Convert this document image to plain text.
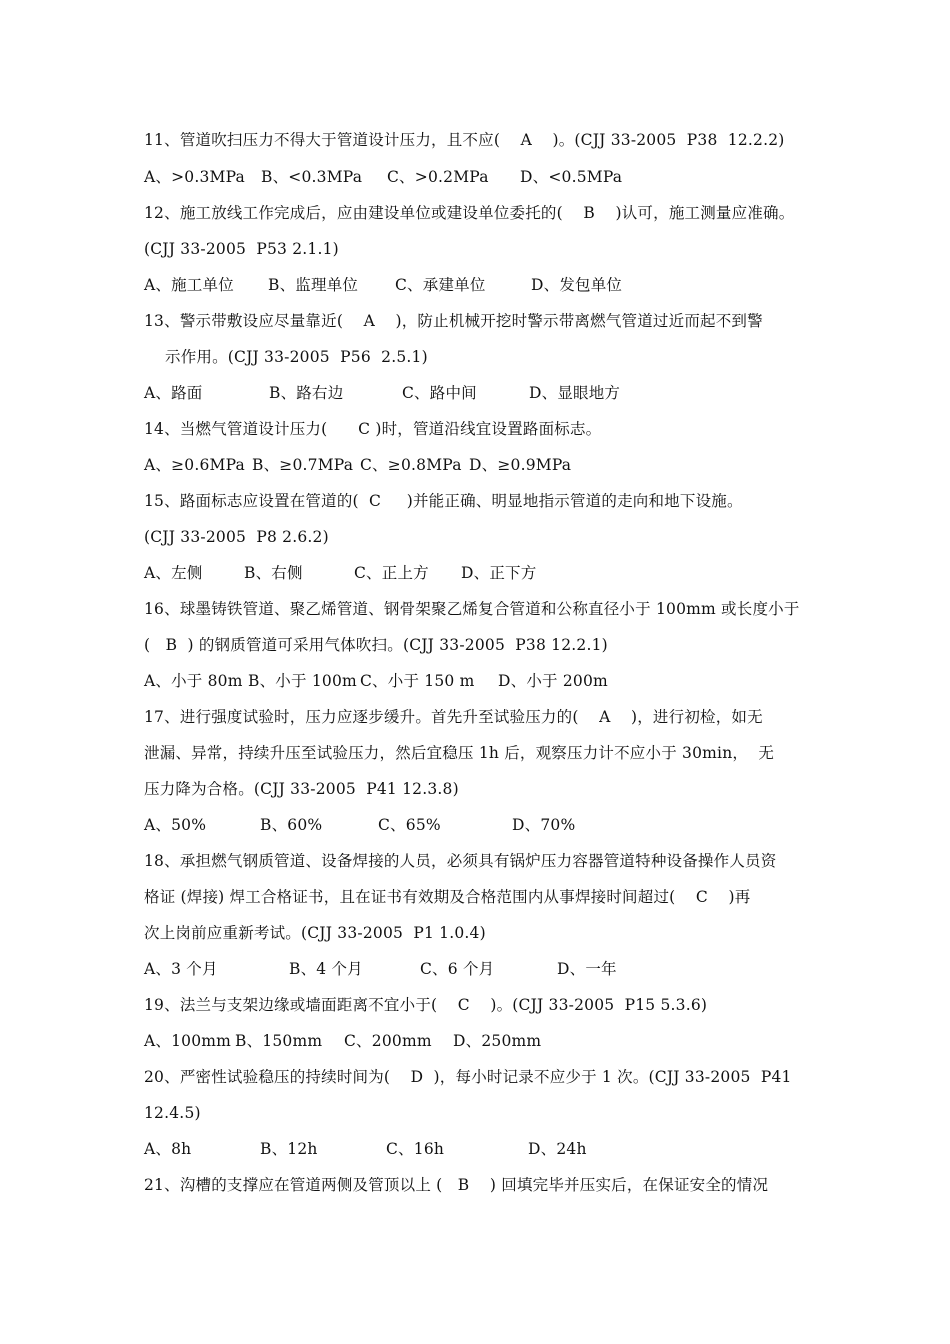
11、管道吹扫压力不得大于管道设计压力，且不应(    A    )。(CJJ 33-2005  P38  12.2.2)
A、>0.3MPa	B、<0.3MPa	C、>0.2MPa	D、<0.5MPa
12、施工放线工作完成后，应由建设单位或建设单位委托的(    B    )认可，施工测量应准确。
(CJJ 33-2005  P53 2.1.1)
A、施工单位	B、监理单位	C、承建单位	D、发包单位
13、警示带敷设应尽量靠近(    A    )，防止机械开挖时警示带离燃气管道过近而起不到警
示作用。(CJJ 33-2005  P56  2.5.1)
A、路面	B、路右边	C、路中间	D、显眼地方
14、当燃气管道设计压力(      C )时，管道沿线宜设置路面标志。
A、≥0.6MPa B、≥0.7MPa C、≥0.8MPa D、≥0.9MPa
15、路面标志应设置在管道的(  C     )并能正确、明显地指示管道的走向和地下设施。
(CJJ 33-2005  P8 2.6.2)
A、左侧	B、右侧	C、正上方	D、正下方
16、球墨铸铁管道、聚乙烯管道、钢骨架聚乙烯复合管道和公称直径小于 100mm 或长度小于
(   B  ) 的钢质管道可采用气体吹扫。(CJJ 33-2005  P38 12.2.1)
A、小于 80m B、小于 100m C、小于 150 m	D、小于 200m
17、进行强度试验时，压力应逐步缓升。首先升至试验压力的(    A    )，进行初检，如无
泄漏、异常，持续升压至试验压力，然后宜稳压 1h 后，观察压力计不应小于 30min，  无
压力降为合格。(CJJ 33-2005  P41 12.3.8)
A、50%	B、60%	C、65%	D、70%
18、承担燃气钢质管道、设备焊接的人员，必须具有锅炉压力容器管道特种设备操作人员资
格证 (焊接) 焊工合格证书，且在证书有效期及合格范围内从事焊接时间超过(    C    )再
次上岗前应重新考试。(CJJ 33-2005  P1 1.0.4)
A、3 个月	B、4 个月	C、6 个月	D、一年
19、法兰与支架边缘或墙面距离不宜小于(    C    )。(CJJ 33-2005  P15 5.3.6)
A、100mm B、150mm	C、200mm	D、250mm
20、严密性试验稳压的持续时间为(    D  )，每小时记录不应少于 1 次。(CJJ 33-2005  P41
12.4.5)
A、8h	B、12h	C、16h	D、24h
21、沟槽的支撑应在管道两侧及管顶以上 (   B    ) 回填完毕并压实后，在保证安全的情况
